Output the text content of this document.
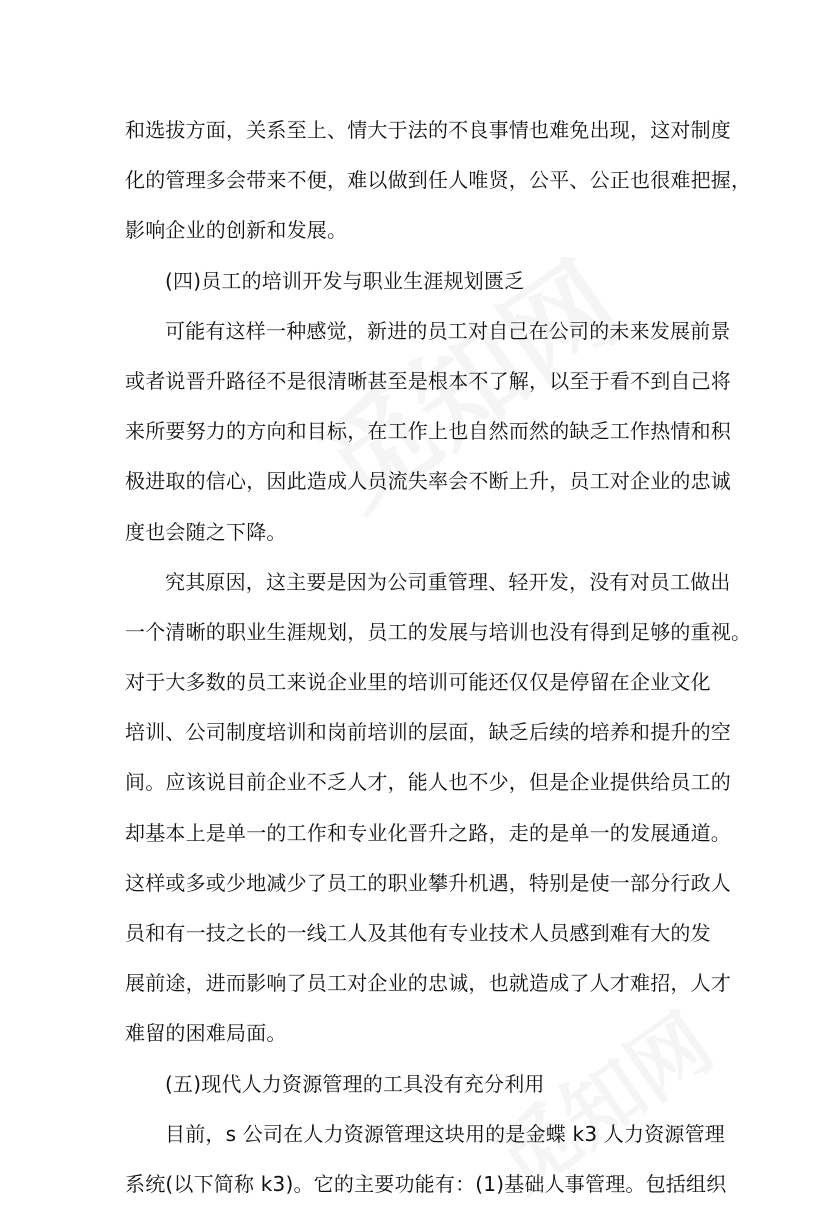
和选拔方面，关系至上、情大于法的不良事情也难免出现，这对制度
化的管理多会带来不便，难以做到任人唯贤，公平、公正也很难把握，
影响企业的创新和发展。
(四)员工的培训开发与职业生涯规划匮乏
可能有这样一种感觉，新进的员工对自己在公司的未来发展前景
或者说晋升路径不是很清晰甚至是根本不了解，以至于看不到自己将
来所要努力的方向和目标，在工作上也自然而然的缺乏工作热情和积
极进取的信心，因此造成人员流失率会不断上升，员工对企业的忠诚
度也会随之下降。
究其原因，这主要是因为公司重管理、轻开发，没有对员工做出
一个清晰的职业生涯规划，员工的发展与培训也没有得到足够的重视。
对于大多数的员工来说企业里的培训可能还仅仅是停留在企业文化
培训、公司制度培训和岗前培训的层面，缺乏后续的培养和提升的空
间。应该说目前企业不乏人才，能人也不少，但是企业提供给员工的
却基本上是单一的工作和专业化晋升之路，走的是单一的发展通道。
这样或多或少地减少了员工的职业攀升机遇，特别是使一部分行政人
员和有一技之长的一线工人及其他有专业技术人员感到难有大的发
展前途，进而影响了员工对企业的忠诚，也就造成了人才难招，人才
难留的困难局面。
(五)现代人力资源管理的工具没有充分利用
目前，s 公司在人力资源管理这块用的是金蝶 k3 人力资源管理
系统(以下简称 k3)。它的主要功能有：(1)基础人事管理。包括组织
